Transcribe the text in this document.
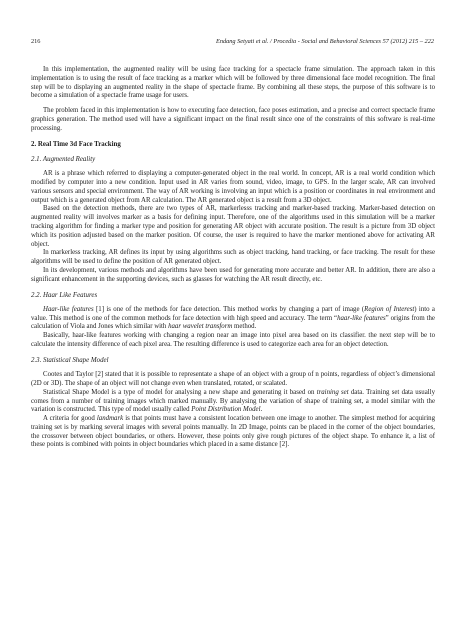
216	Endang Setyati et al. / Procedia - Social and Behavioral Sciences 57 (2012) 215 – 222

In this implementation, the augmented reality will be using face tracking for a spectacle frame simulation. The approach taken in this implementation is to using the result of face tracking as a marker which will be followed by three dimensional face model recognition. The final step will be to displaying an augmented reality in the shape of spectacle frame. By combining all these steps, the purpose of this software is to become a simulation of a spectacle frame usage for users.

The problem faced in this implementation is how to executing face detection, face poses estimation, and a precise and correct spectacle frame graphics generation. The method used will have a significant impact on the final result since one of the constraints of this software is real-time processing.

2. Real Time 3d Face Tracking
2.1. Augmented Reality

AR is a phrase which referred to displaying a computer-generated object in the real world. In concept, AR is a real world condition which modified by computer into a new condition. Input used in AR varies from sound, video, image, to GPS. In the larger scale, AR can involved various sensors and special environment. The way of AR working is involving an input which is a position or coordinates in real environment and output which is a generated object from AR calculation. The AR generated object is a result from a 3D object.

Based on the detection methods, there are two types of AR, markerlesss tracking and marker-based tracking. Marker-based detection on augmented reality will involves marker as a basis for defining input. Therefore, one of the algorithms used in this simulation will be a marker tracking algorithm for finding a marker type and position for generating AR object with accurate position. The result is a picture from 3D object which its position adjusted based on the marker position. Of course, the user is required to have the marker mentioned above for activating AR object.

In markerless tracking, AR defines its input by using algorithms such as object tracking, hand tracking, or face tracking. The result for these algorithms will be used to define the position of AR generated object.

In its development, various methods and algorithms have been used for generating more accurate and better AR. In addition, there are also a significant enhancement in the supporting devices, such as glasses for watching the AR result directly, etc.

2.2. Haar Like Features

Haar-like features [1] is one of the methods for face detection. This method works by changing a part of image (Region of Interest) into a value. This method is one of the common methods for face detection with high speed and accuracy. The term “haar-like features” origins from the calculation of Viola and Jones which similar with haar wavelet transform method.

Basically, haar-like features working with changing a region near an image into pixel area based on its classifier. the next step will be to calculate the intensity difference of each pixel area. The resulting difference is used to categorize each area for an object detection.

2.3. Statistical Shape Model

Cootes and Taylor [2] stated that it is possible to representate a shape of an object with a group of n points, regardless of object’s dimensional (2D or 3D). The shape of an object will not change even when translated, rotated, or scalated.

Statistical Shape Model is a type of model for analysing a new shape and generating it based on training set data. Training set data usually comes from a number of training images which marked manually. By analysing the variation of shape of training set, a model similar with the variation is constructed. This type of model usually called Point Distribution Model.

A criteria for good landmark is that points must have a consistent location between one image to another. The simplest method for acquiring training set is by marking several images with several points manually. In 2D Image, points can be placed in the corner of the object boundaries, the crossover between object boundaries, or others. However, these points only give rough pictures of the object shape. To enhance it, a list of these points is combined with points in object boundaries which placed in a same distance [2].
